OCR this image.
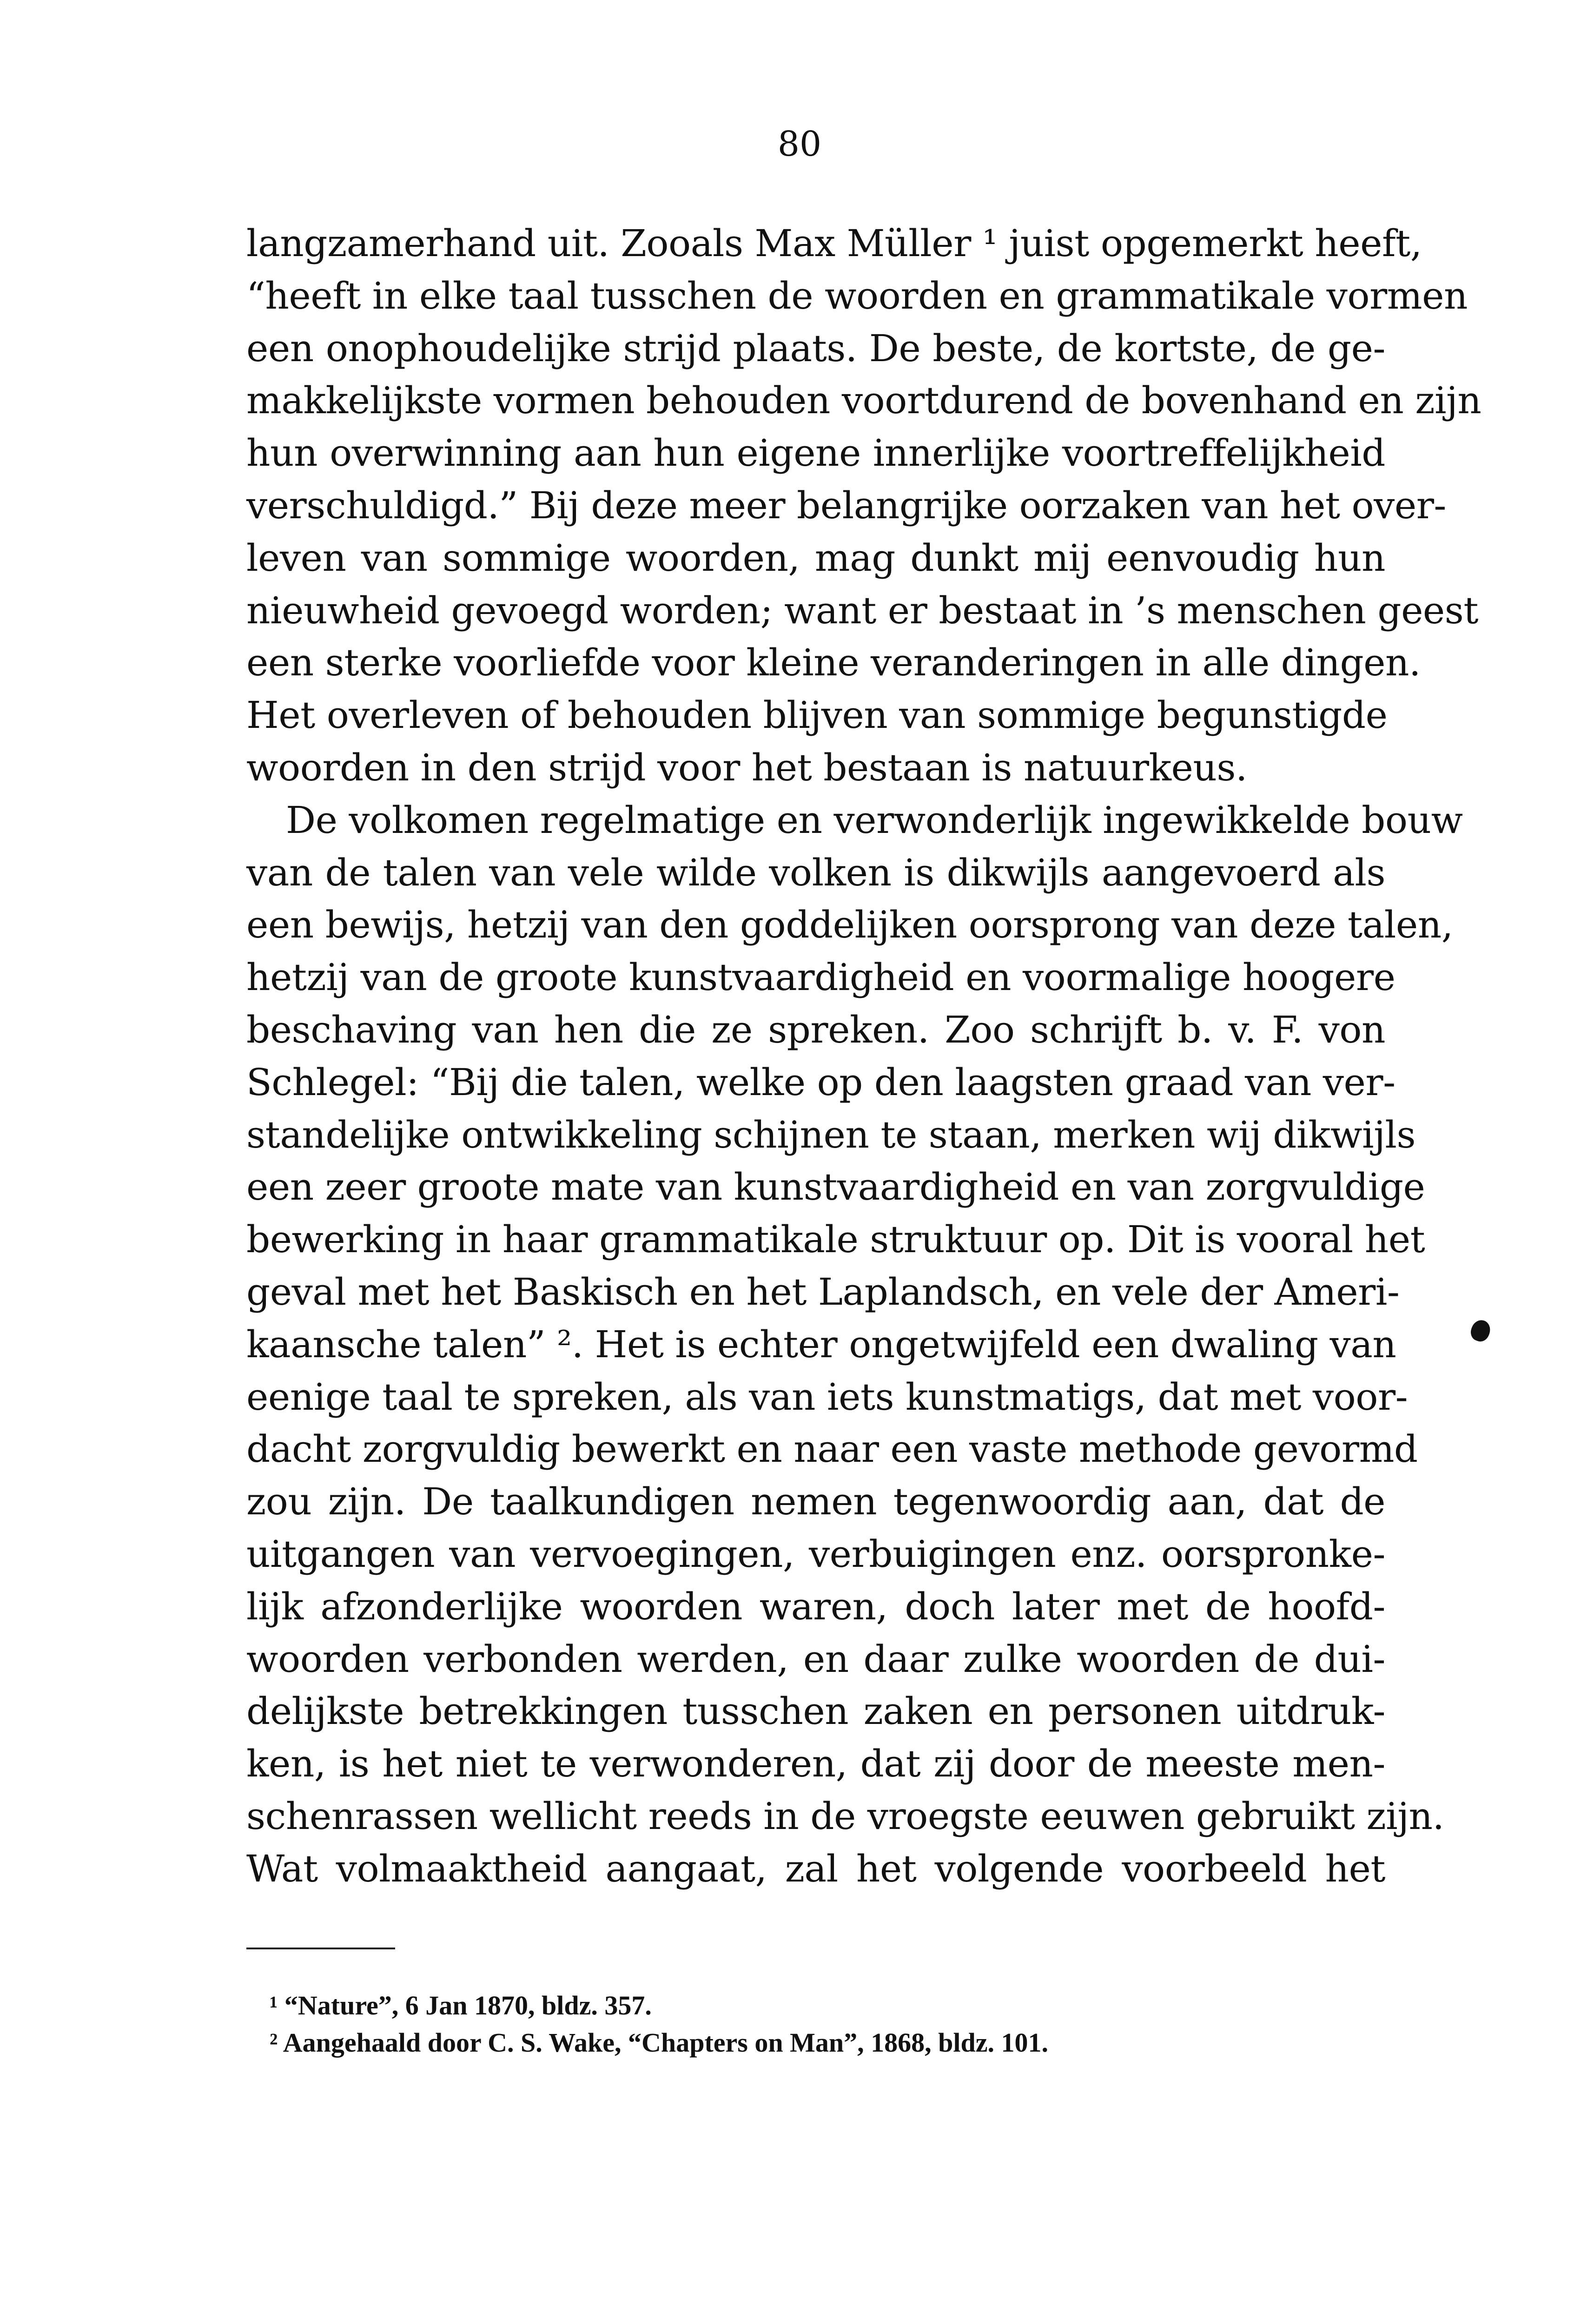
80
langzamerhand uit. Zooals Max Müller ¹ juist opgemerkt heeft,
“heeft in elke taal tusschen de woorden en grammatikale vormen
een onophoudelijke strijd plaats. De beste, de kortste, de ge-
makkelijkste vormen behouden voortdurend de bovenhand en zijn
hun overwinning aan hun eigene innerlijke voortreffelijkheid
verschuldigd.” Bij deze meer belangrijke oorzaken van het over-
leven van sommige woorden, mag dunkt mij eenvoudig hun
nieuwheid gevoegd worden; want er bestaat in ’s menschen geest
een sterke voorliefde voor kleine veranderingen in alle dingen.
Het overleven of behouden blijven van sommige begunstigde
woorden in den strijd voor het bestaan is natuurkeus.
De volkomen regelmatige en verwonderlijk ingewikkelde bouw
van de talen van vele wilde volken is dikwijls aangevoerd als
een bewijs, hetzij van den goddelijken oorsprong van deze talen,
hetzij van de groote kunstvaardigheid en voormalige hoogere
beschaving van hen die ze spreken. Zoo schrijft b. v. F. von
Schlegel: “Bij die talen, welke op den laagsten graad van ver-
standelijke ontwikkeling schijnen te staan, merken wij dikwijls
een zeer groote mate van kunstvaardigheid en van zorgvuldige
bewerking in haar grammatikale struktuur op. Dit is vooral het
geval met het Baskisch en het Laplandsch, en vele der Ameri-
kaansche talen” ². Het is echter ongetwijfeld een dwaling van
eenige taal te spreken, als van iets kunstmatigs, dat met voor-
dacht zorgvuldig bewerkt en naar een vaste methode gevormd
zou zijn. De taalkundigen nemen tegenwoordig aan, dat de
uitgangen van vervoegingen, verbuigingen enz. oorspronke-
lijk afzonderlijke woorden waren, doch later met de hoofd-
woorden verbonden werden, en daar zulke woorden de dui-
delijkste betrekkingen tusschen zaken en personen uitdruk-
ken, is het niet te verwonderen, dat zij door de meeste men-
schenrassen wellicht reeds in de vroegste eeuwen gebruikt zijn.
Wat volmaaktheid aangaat, zal het volgende voorbeeld het
¹ “Nature”, 6 Jan 1870, bldz. 357.
² Aangehaald door C. S. Wake, “Chapters on Man”, 1868, bldz. 101.
